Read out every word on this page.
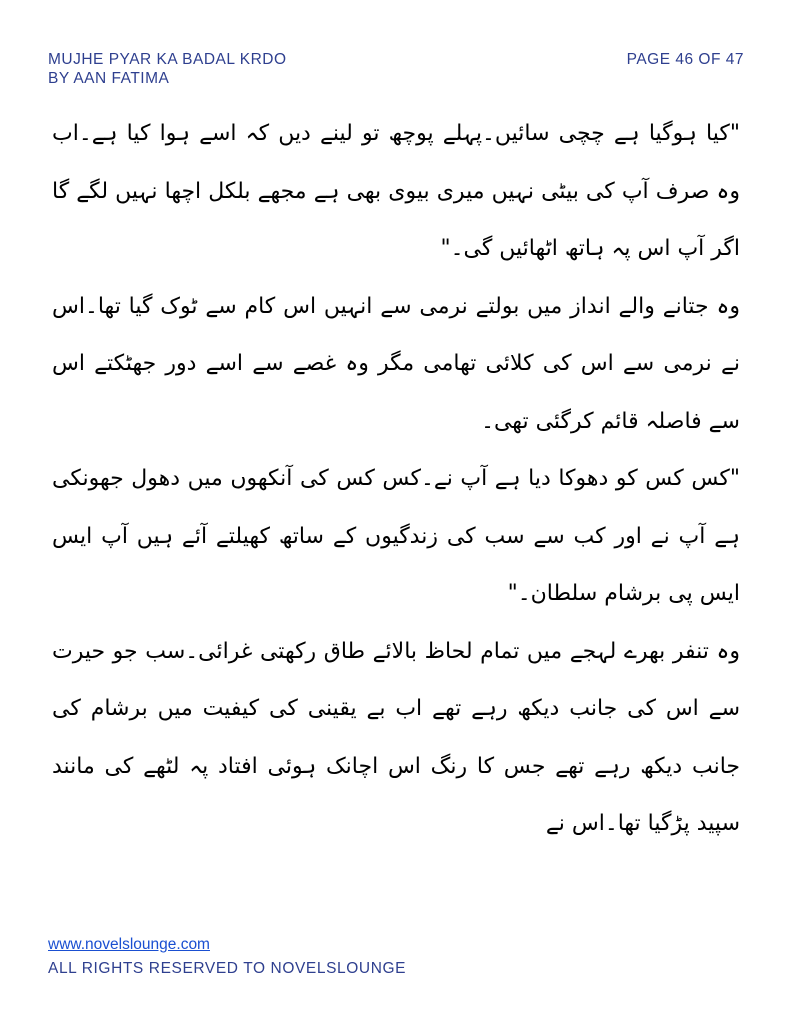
MUJHE PYAR KA BADAL KRDO
BY AAN FATIMA
PAGE 46 OF 47

"کیا ہوگیا ہے چچی سائیں۔پہلے پوچھ تو لینے دیں کہ اسے ہوا کیا ہے۔اب وہ صرف آپ کی بیٹی نہیں میری بیوی بھی ہے مجھے بلکل اچھا نہیں لگے گا اگر آپ اس پہ ہاتھ اٹھائیں گی۔"

وہ جتانے والے انداز میں بولتے نرمی سے انہیں اس کام سے ٹوک گیا تھا۔اس نے نرمی سے اس کی کلائی تھامی مگر وہ غصے سے اسے دور جھٹکتے اس سے فاصلہ قائم کرگئی تھی۔

"کس کس کو دھوکا دیا ہے آپ نے۔کس کس کی آنکھوں میں دھول جھونکی ہے آپ نے اور کب سے سب کی زندگیوں کے ساتھ کھیلتے آئے ہیں آپ ایس ایس پی برشام سلطان۔"

وہ تنفر بھرے لہجے میں تمام لحاظ بالائے طاق رکھتی غرائی۔سب جو حیرت سے اس کی جانب دیکھ رہے تھے اب بے یقینی کی کیفیت میں برشام کی جانب دیکھ رہے تھے جس کا رنگ اس اچانک ہوئی افتاد پہ لٹھے کی مانند سپید پڑگیا تھا۔اس نے

www.novelslounge.com
ALL RIGHTS RESERVED TO NOVELSLOUNGE
